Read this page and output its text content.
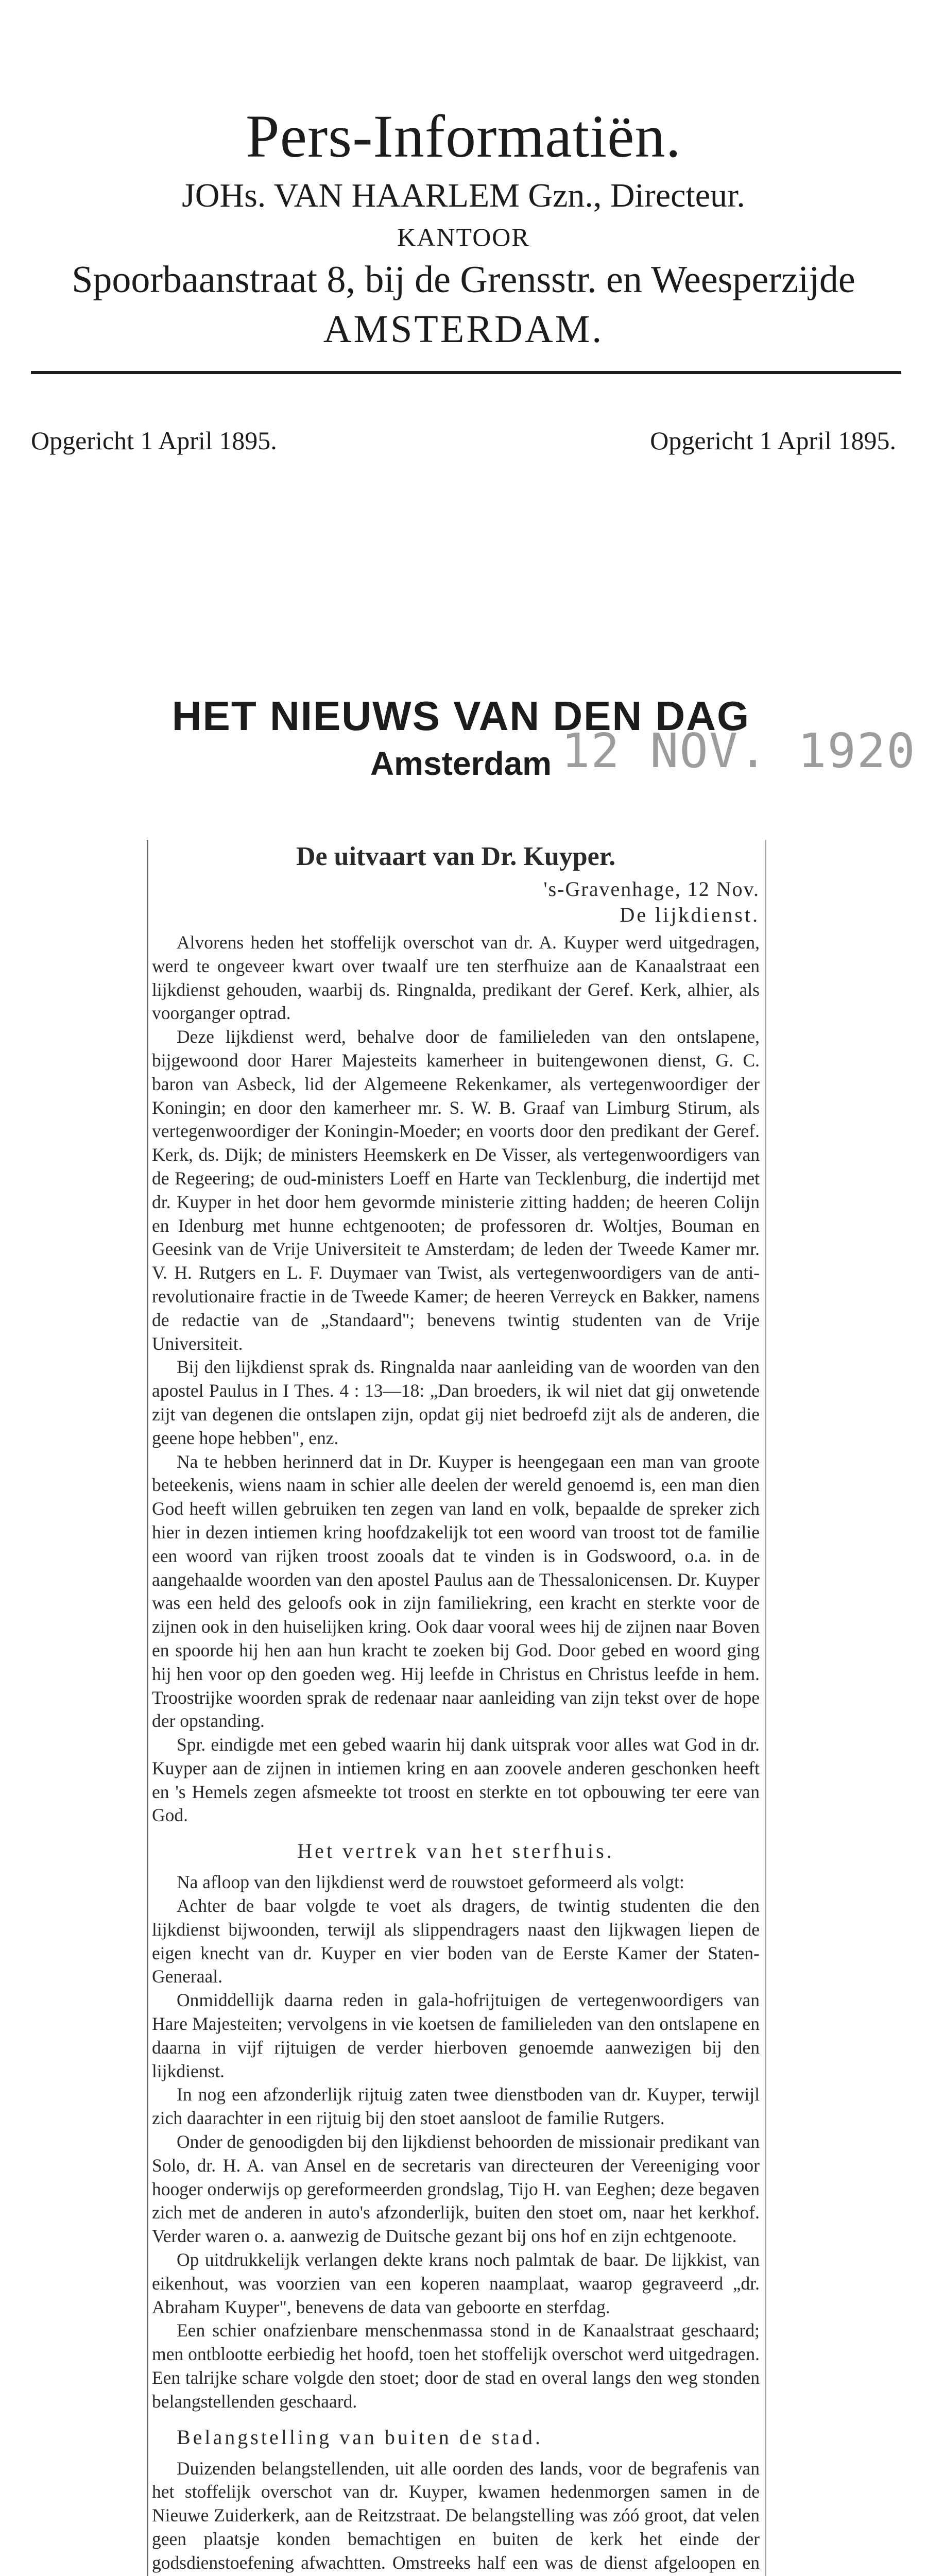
Pers-Informatiën.
JOHs. VAN HAARLEM Gzn., Directeur.
KANTOOR
Spoorbaanstraat 8, bij de Grensstr. en Weesperzijde
AMSTERDAM.
Opgericht 1 April 1895.	Opgericht 1 April 1895.
HET NIEUWS VAN DEN DAG
Amsterdam 12 NOV. 1920

De uitvaart van Dr. Kuyper.

's-Gravenhage, 12 Nov.

De lijkdienst.

Alvorens heden het stoffelijk overschot van dr. A. Kuyper werd uitgedragen, werd te ongeveer kwart over twaalf ure ten sterfhuize aan de Kanaalstraat een lijkdienst gehouden, waarbij ds. Ringnalda, predikant der Geref. Kerk, alhier, als voorganger optrad.

Deze lijkdienst werd, behalve door de familieleden van den ontslapene, bijgewoond door Harer Majesteits kamerheer in buitengewonen dienst, G. C. baron van Asbeck, lid der Algemeene Rekenkamer, als vertegenwoordiger der Koningin; en door den kamerheer mr. S. W. B. Graaf van Limburg Stirum, als vertegenwoordiger der Koningin-Moeder; en voorts door den predikant der Geref. Kerk, ds. Dijk; de ministers Heemskerk en De Visser, als vertegenwoordigers van de Regeering; de oud-ministers Loeff en Harte van Tecklenburg, die indertijd met dr. Kuyper in het door hem gevormde ministerie zitting hadden; de heeren Colijn en Idenburg met hunne echtgenooten; de professoren dr. Woltjes, Bouman en Geesink van de Vrije Universiteit te Amsterdam; de leden der Tweede Kamer mr. V. H. Rutgers en L. F. Duymaer van Twist, als vertegenwoordigers van de anti-revolutionaire fractie in de Tweede Kamer; de heeren Verreyck en Bakker, namens de redactie van de „Standaard"; benevens twintig studenten van de Vrije Universiteit.

Bij den lijkdienst sprak ds. Ringnalda naar aanleiding van de woorden van den apostel Paulus in I Thes. 4 : 13—18: „Dan broeders, ik wil niet dat gij onwetende zijt van degenen die ontslapen zijn, opdat gij niet bedroefd zijt als de anderen, die geene hope hebben", enz.

Na te hebben herinnerd dat in Dr. Kuyper is heengegaan een man van groote beteekenis, wiens naam in schier alle deelen der wereld genoemd is, een man dien God heeft willen gebruiken ten zegen van land en volk, bepaalde de spreker zich hier in dezen intiemen kring hoofdzakelijk tot een woord van troost tot de familie een woord van rijken troost zooals dat te vinden is in Godswoord, o.a. in de aangehaalde woorden van den apostel Paulus aan de Thessalonicensen. Dr. Kuyper was een held des geloofs ook in zijn familiekring, een kracht en sterkte voor de zijnen ook in den huiselijken kring. Ook daar vooral wees hij de zijnen naar Boven en spoorde hij hen aan hun kracht te zoeken bij God. Door gebed en woord ging hij hen voor op den goeden weg. Hij leefde in Christus en Christus leefde in hem. Troostrijke woorden sprak de redenaar naar aanleiding van zijn tekst over de hope der opstanding.

Spr. eindigde met een gebed waarin hij dank uitsprak voor alles wat God in dr. Kuyper aan de zijnen in intiemen kring en aan zoovele anderen geschonken heeft en 's Hemels zegen afsmeekte tot troost en sterkte en tot opbouwing ter eere van God.

Het vertrek van het sterfhuis.

Na afloop van den lijkdienst werd de rouwstoet geformeerd als volgt:

Achter de baar volgde te voet als dragers, de twintig studenten die den lijkdienst bijwoonden, terwijl als slippendragers naast den lijkwagen liepen de eigen knecht van dr. Kuyper en vier boden van de Eerste Kamer der Staten-Generaal.

Onmiddellijk daarna reden in gala-hofrijtuigen de vertegenwoordigers van Hare Majesteiten; vervolgens in vie koetsen de familieleden van den ontslapene en daarna in vijf rijtuigen de verder hierboven genoemde aanwezigen bij den lijkdienst.

In nog een afzonderlijk rijtuig zaten twee dienstboden van dr. Kuyper, terwijl zich daarachter in een rijtuig bij den stoet aansloot de familie Rutgers.

Onder de genoodigden bij den lijkdienst behoorden de missionair predikant van Solo, dr. H. A. van Ansel en de secretaris van directeuren der Vereeniging voor hooger onderwijs op gereformeerden grondslag, Tijo H. van Eeghen; deze begaven zich met de anderen in auto's afzonderlijk, buiten den stoet om, naar het kerkhof. Verder waren o. a. aanwezig de Duitsche gezant bij ons hof en zijn echtgenoote.

Op uitdrukkelijk verlangen dekte krans noch palmtak de baar. De lijkkist, van eikenhout, was voorzien van een koperen naamplaat, waarop gegraveerd „dr. Abraham Kuyper", benevens de data van geboorte en sterfdag.

Een schier onafzienbare menschenmassa stond in de Kanaalstraat geschaard; men ontblootte eerbiedig het hoofd, toen het stoffelijk overschot werd uitgedragen. Een talrijke schare volgde den stoet; door de stad en overal langs den weg stonden belangstellenden geschaard.

Belangstelling van buiten de stad.

Duizenden belangstellenden, uit alle oorden des lands, voor de begrafenis van het stoffelijk overschot van dr. Kuyper, kwamen hedenmorgen samen in de Nieuwe Zuiderkerk, aan de Reitzstraat. De belangstelling was zóó groot, dat velen geen plaatsje konden bemachtigen en buiten de kerk het einde der godsdienstoefening afwachtten. Omstreeks half een was de dienst afgeloopen en
